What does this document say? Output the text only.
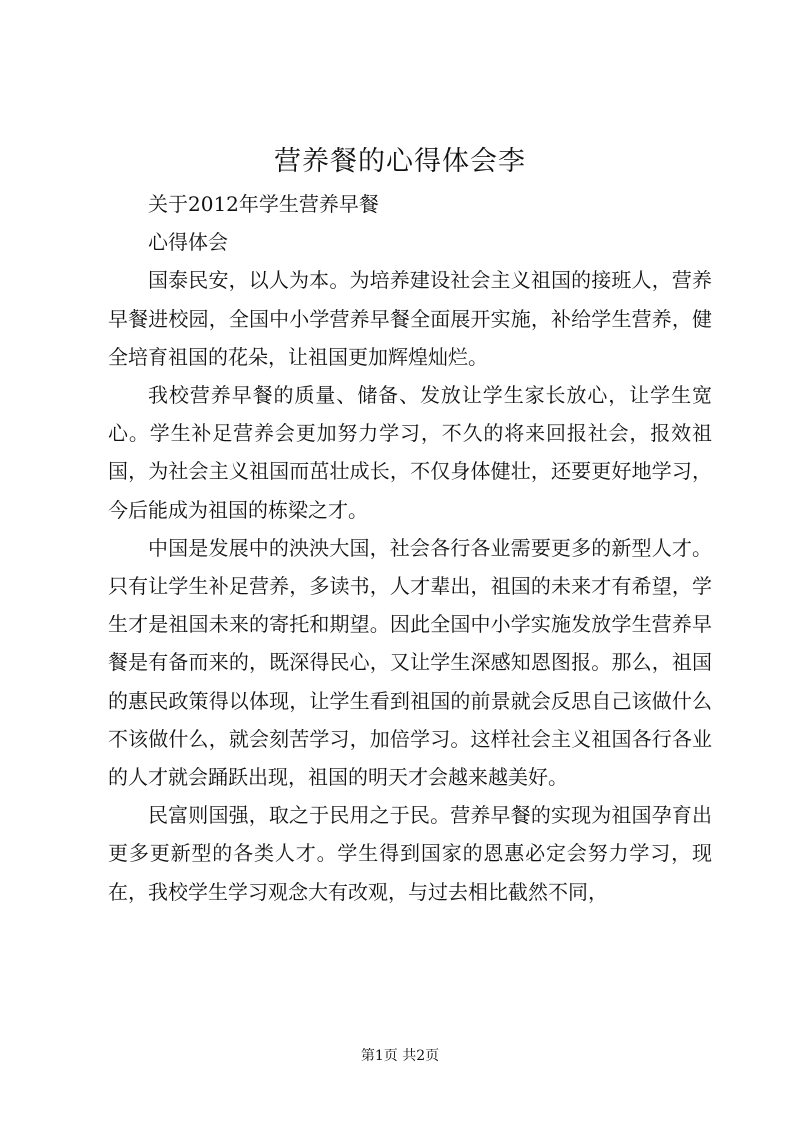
营养餐的心得体会李

关于2012年学生营养早餐

心得体会

国泰民安，以人为本。为培养建设社会主义祖国的接班人，营养早餐进校园，全国中小学营养早餐全面展开实施，补给学生营养，健全培育祖国的花朵，让祖国更加辉煌灿烂。

我校营养早餐的质量、储备、发放让学生家长放心，让学生宽心。学生补足营养会更加努力学习，不久的将来回报社会，报效祖国，为社会主义祖国而茁壮成长，不仅身体健壮，还要更好地学习，今后能成为祖国的栋梁之才。

中国是发展中的泱泱大国，社会各行各业需要更多的新型人才。只有让学生补足营养，多读书，人才辈出，祖国的未来才有希望，学生才是祖国未来的寄托和期望。因此全国中小学实施发放学生营养早餐是有备而来的，既深得民心，又让学生深感知恩图报。那么，祖国的惠民政策得以体现，让学生看到祖国的前景就会反思自己该做什么不该做什么，就会刻苦学习，加倍学习。这样社会主义祖国各行各业的人才就会踊跃出现，祖国的明天才会越来越美好。

民富则国强，取之于民用之于民。营养早餐的实现为祖国孕育出更多更新型的各类人才。学生得到国家的恩惠必定会努力学习，现在，我校学生学习观念大有改观，与过去相比截然不同，

第1页 共2页
